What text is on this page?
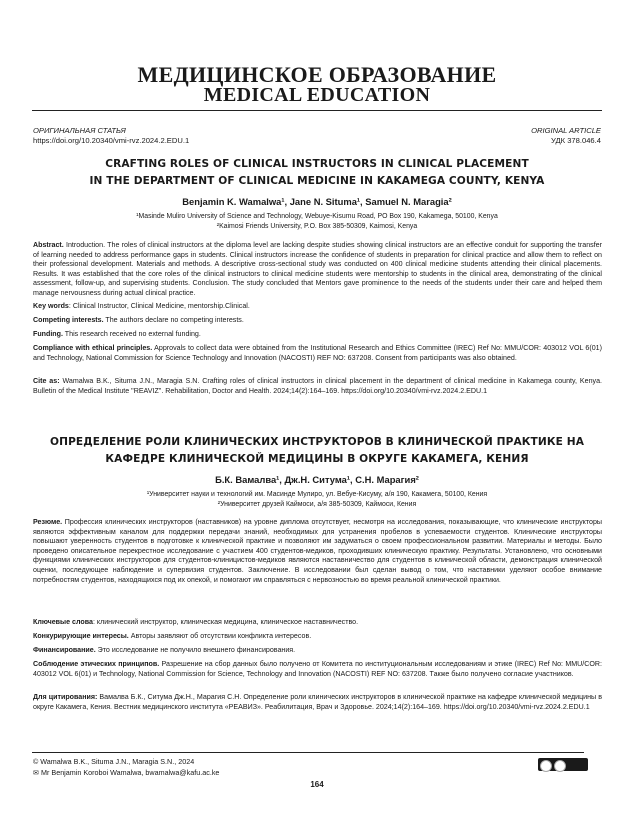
МЕДИЦИНСКОЕ ОБРАЗОВАНИЕ
MEDICAL EDUCATION
ОРИГИНАЛЬНАЯ СТАТЬЯ
https://doi.org/10.20340/vmi-rvz.2024.2.EDU.1
ORIGINAL ARTICLE
УДК 378.046.4
CRAFTING ROLES OF CLINICAL INSTRUCTORS IN CLINICAL PLACEMENT
IN THE DEPARTMENT OF CLINICAL MEDICINE IN KAKAMEGA COUNTY, KENYA
Benjamin K. Wamalwa¹, Jane N. Situma¹, Samuel N. Maragia²
¹Masinde Muliro University of Science and Technology, Webuye-Kisumu Road, PO Box 190, Kakamega, 50100, Kenya
²Kaimosi Friends University, P.O. Box 385-50309, Kaimosi, Kenya
Abstract. Introduction. The roles of clinical instructors at the diploma level are lacking despite studies showing clinical instructors are an effective conduit for supporting the transfer of learning needed to address performance gaps in students. Clinical instructors increase the confidence of students in preparation for clinical practice and allow them to reflect on their professional development. Materials and methods. A descriptive cross-sectional study was conducted on 400 clinical medicine students attending their clinical placements. Results. It was established that the core roles of the clinical instructors to clinical medicine students were mentorship to students in the clinical area, demonstrating of the clinical assessment, follow-up, and supervising students. Conclusion. The study concluded that Mentors gave prominence to the needs of the students under their care and helped them manage nervousness during actual clinical practice.
Key words: Clinical Instructor, Clinical Medicine, mentorship.Clinical.
Competing interests. The authors declare no competing interests.
Funding. This research received no external funding.
Compliance with ethical principles. Approvals to collect data were obtained from the Institutional Research and Ethics Committee (IREC) Ref No: MMU/COR: 403012 VOL 6(01) and Technology, National Commission for Science Technology and Innovation (NACOSTI) REF NO: 637208. Consent from participants was also obtained.
Cite as: Wamalwa B.K., Situma J.N., Maragia S.N. Crafting roles of clinical instructors in clinical placement in the department of clinical medicine in Kakamega county, Kenya. Bulletin of the Medical Institute "REAVIZ". Rehabilitation, Doctor and Health. 2024;14(2):164–169. https://doi.org/10.20340/vmi-rvz.2024.2.EDU.1
ОПРЕДЕЛЕНИЕ РОЛИ КЛИНИЧЕСКИХ ИНСТРУКТОРОВ В КЛИНИЧЕСКОЙ ПРАКТИКЕ НА
КАФЕДРЕ КЛИНИЧЕСКОЙ МЕДИЦИНЫ В ОКРУГЕ КАКАМЕГА, КЕНИЯ
Б.К. Вамалва¹, Дж.Н. Ситума¹, С.Н. Марагия²
¹Университет науки и технологий им. Масинде Мулиро, ул. Вебуе-Кисуму, а/я 190, Какамега, 50100, Кения
²Университет друзей Каймоси, а/я 385-50309, Каймоси, Кения
Резюме. Профессия клинических инструкторов (наставников) на уровне диплома отсутствует, несмотря на исследования, показывающие, что клинические инструкторы являются эффективным каналом для поддержки передачи знаний, необходимых для устранения пробелов в успеваемости студентов. Клинические инструкторы повышают уверенность студентов в подготовке к клинической практике и позволяют им задуматься о своем профессиональном развитии. Материалы и методы. Было проведено описательное перекрестное исследование с участием 400 студентов-медиков, проходивших клиническую практику. Результаты. Установлено, что основными функциями клинических инструкторов для студентов-клиницистов-медиков являются наставничество для студентов в клинической области, демонстрация клинической оценки, последующее наблюдение и супервизия студентов. Заключение. В исследовании был сделан вывод о том, что наставники уделяют особое внимание потребностям студентов, находящихся под их опекой, и помогают им справляться с нервозностью во время реальной клинической практики.
Ключевые слова: клинический инструктор, клиническая медицина, клиническое наставничество.
Конкурирующие интересы. Авторы заявляют об отсутствии конфликта интересов.
Финансирование. Это исследование не получило внешнего финансирования.
Соблюдение этических принципов. Разрешение на сбор данных было получено от Комитета по институциональным исследованиям и этике (IREC) Ref No: MMU/COR: 403012 VOL 6(01) и Technology, National Commission for Science, Technology and Innovation (NACOSTI) REF NO: 637208. Также было получено согласие участников.
Для цитирования: Вамалва Б.К., Ситума Дж.Н., Марагия С.Н. Определение роли клинических инструкторов в клинической практике на кафедре клинической медицины в округе Какамега, Кения. Вестник медицинского института «РЕАВИЗ». Реабилитация, Врач и Здоровье. 2024;14(2):164–169. https://doi.org/10.20340/vmi-rvz.2024.2.EDU.1
© Wamalwa B.K., Situma J.N., Maragia S.N., 2024
✉ Mr Benjamin Koroboi Wamalwa, bwamalwa@kafu.ac.ke
164
